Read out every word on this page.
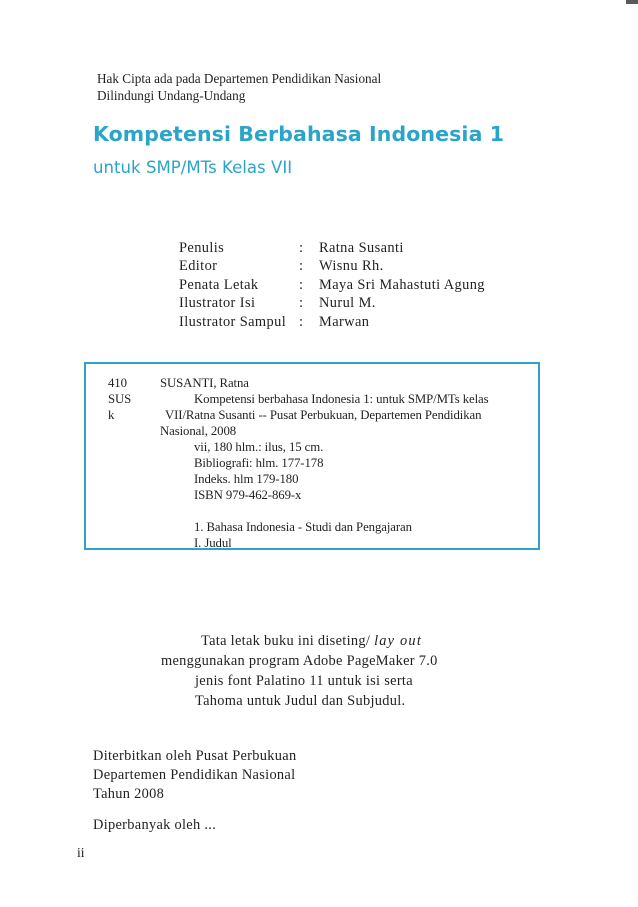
Hak Cipta ada pada Departemen Pendidikan Nasional
Dilindungi Undang-Undang
Kompetensi Berbahasa Indonesia 1
untuk SMP/MTs Kelas VII
Penulis	:	Ratna Susanti
Editor	:	Wisnu Rh.
Penata Letak	:	Maya Sri Mahastuti Agung
Ilustrator Isi	:	Nurul M.
Ilustrator Sampul :	Marwan
410
SUS
k
SUSANTI, Ratna
Kompetensi berbahasa Indonesia 1: untuk SMP/MTs kelas
VII/Ratna Susanti -- Pusat Perbukuan, Departemen Pendidikan
Nasional, 2008
vii, 180 hlm.: ilus, 15 cm.
Bibliografi: hlm. 177-178
Indeks. hlm 179-180
ISBN 979-462-869-x
1. Bahasa Indonesia - Studi dan Pengajaran
I. Judul
Tata letak buku ini diseting/ lay out
menggunakan program Adobe PageMaker 7.0
jenis font Palatino 11 untuk isi serta
Tahoma untuk Judul dan Subjudul.
Diterbitkan oleh Pusat Perbukuan
Departemen Pendidikan Nasional
Tahun 2008
Diperbanyak oleh ...
ii
